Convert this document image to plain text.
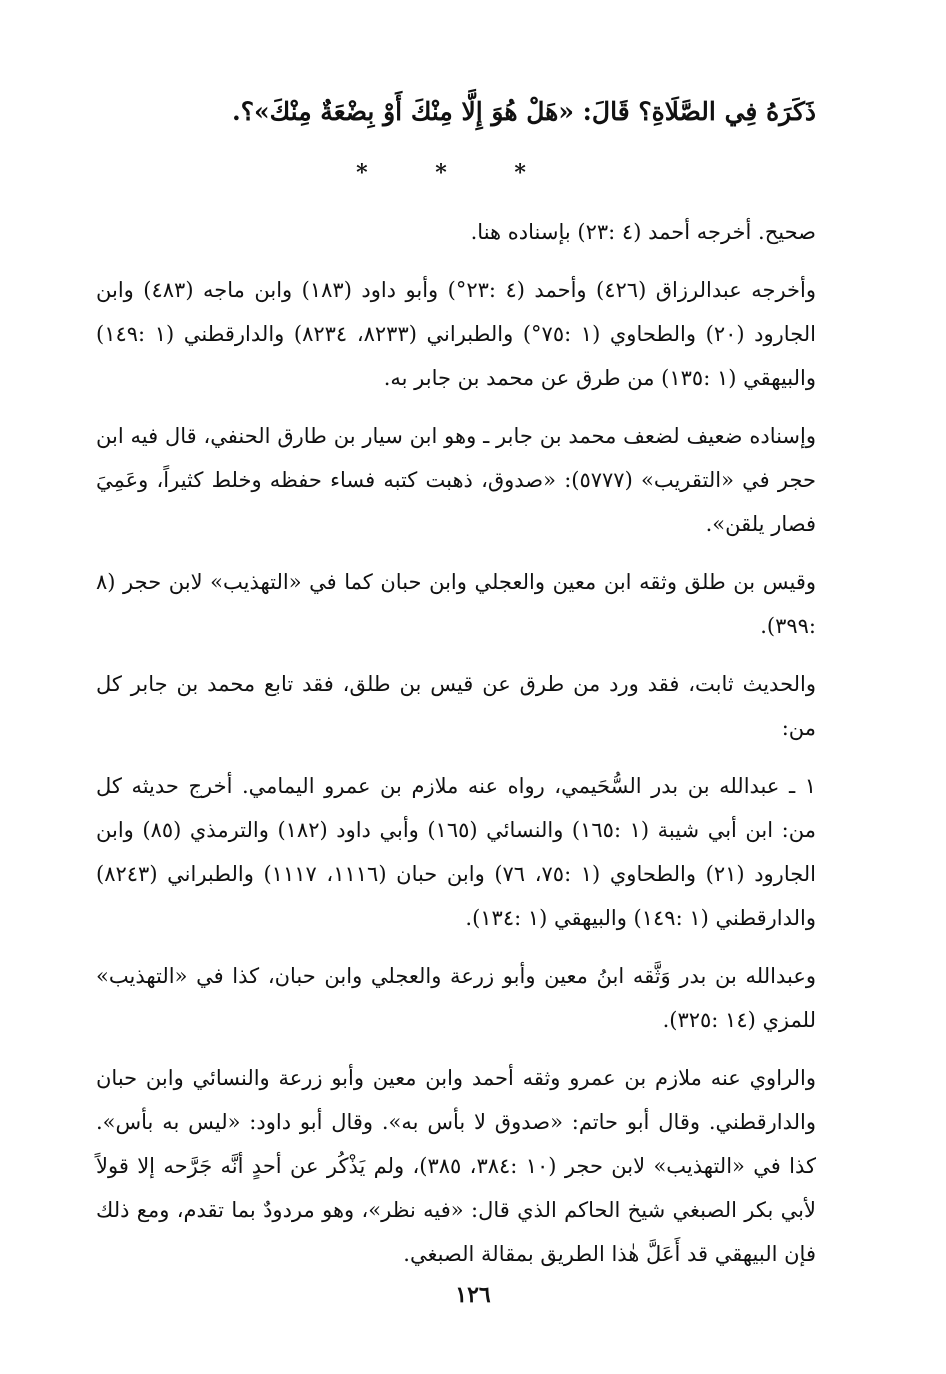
ذَكَرَهُ فِي الصَّلَاةِ؟ قَالَ: «هَلْ هُوَ إِلَّا مِنْكَ أَوْ بِضْعَةٌ مِنْكَ»؟.
* * *

صحيح. أخرجه أحمد (٤ :٢٣) بإسناده هنا.

وأخرجه عبدالرزاق (٤٢٦) وأحمد (٤ :٢٣°) وأبو داود (١٨٣) وابن ماجه (٤٨٣) وابن الجارود (٢٠) والطحاوي (١ :٧٥°) والطبراني (٨٢٣٣، ٨٢٣٤) والدارقطني (١ :١٤٩) والبيهقي (١ :١٣٥) من طرق عن محمد بن جابر به.

وإسناده ضعيف لضعف محمد بن جابر ـ وهو ابن سيار بن طارق الحنفي، قال فيه ابن حجر في «التقريب» (٥٧٧٧): «صدوق، ذهبت كتبه فساء حفظه وخلط كثيراً، وعَمِيَ فصار يلقن».

وقيس بن طلق وثقه ابن معين والعجلي وابن حبان كما في «التهذيب» لابن حجر (٨ :٣٩٩).

والحديث ثابت، فقد ورد من طرق عن قيس بن طلق، فقد تابع محمد بن جابر كل من:

١ ـ عبدالله بن بدر السُّحَيمي، رواه عنه ملازم بن عمرو اليمامي. أخرج حديثه كل من: ابن أبي شيبة (١ :١٦٥) والنسائي (١٦٥) وأبي داود (١٨٢) والترمذي (٨٥) وابن الجارود (٢١) والطحاوي (١ :٧٥، ٧٦) وابن حبان (١١١٦، ١١١٧) والطبراني (٨٢٤٣) والدارقطني (١ :١٤٩) والبيهقي (١ :١٣٤).

وعبدالله بن بدر وَثَّقه ابنُ معين وأبو زرعة والعجلي وابن حبان، كذا في «التهذيب» للمزي (١٤ :٣٢٥).

والراوي عنه ملازم بن عمرو وثقه أحمد وابن معين وأبو زرعة والنسائي وابن حبان والدارقطني. وقال أبو حاتم: «صدوق لا بأس به». وقال أبو داود: «ليس به بأس». كذا في «التهذيب» لابن حجر (١٠ :٣٨٤، ٣٨٥)، ولم يَذْكُر عن أحدٍ أنَّه جَرَّحه إلا قولاً لأبي بكر الصبغي شيخ الحاكم الذي قال: «فيه نظر»، وهو مردودٌ بما تقدم، ومع ذلك فإن البيهقي قد أَعَلَّ هٰذا الطريق بمقالة الصبغي.

١٢٦
